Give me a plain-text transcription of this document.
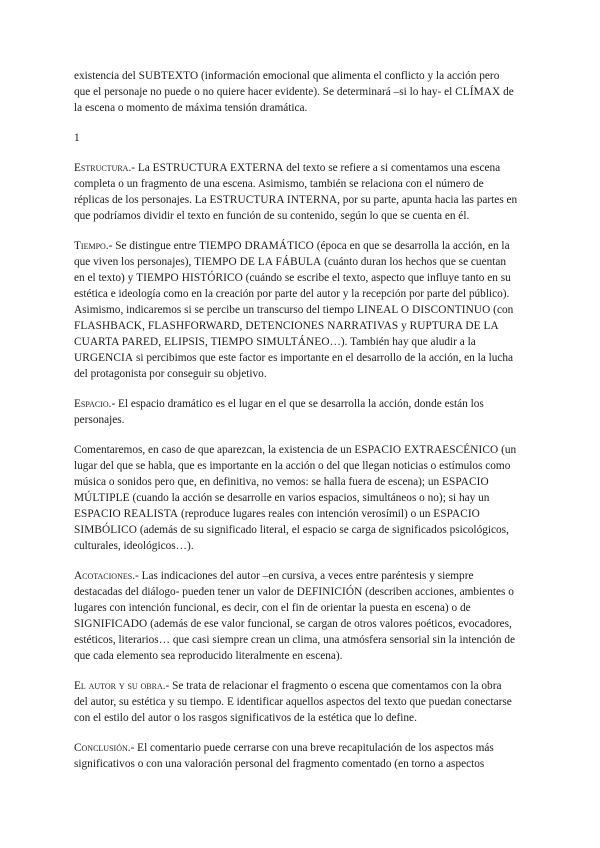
existencia del SUBTEXTO (información emocional que alimenta el conflicto y la acción pero que el personaje no puede o no quiere hacer evidente). Se determinará –si lo hay- el CLÍMAX de la escena o momento de máxima tensión dramática.

1

Estructura.- La ESTRUCTURA EXTERNA del texto se refiere a si comentamos una escena completa o un fragmento de una escena. Asimismo, también se relaciona con el número de réplicas de los personajes. La ESTRUCTURA INTERNA, por su parte, apunta hacia las partes en que podríamos dividir el texto en función de su contenido, según lo que se cuenta en él.

Tiempo.- Se distingue entre TIEMPO DRAMÁTICO (época en que se desarrolla la acción, en la que viven los personajes), TIEMPO DE LA FÁBULA (cuánto duran los hechos que se cuentan en el texto) y TIEMPO HISTÓRICO (cuándo se escribe el texto, aspecto que influye tanto en su estética e ideología como en la creación por parte del autor y la recepción por parte del público). Asimismo, indicaremos si se percibe un transcurso del tiempo LINEAL O DISCONTINUO (con FLASHBACK, FLASHFORWARD, DETENCIONES NARRATIVAS y RUPTURA DE LA CUARTA PARED, ELIPSIS, TIEMPO SIMULTÁNEO…). También hay que aludir a la URGENCIA si percibimos que este factor es importante en el desarrollo de la acción, en la lucha del protagonista por conseguir su objetivo.

Espacio.- El espacio dramático es el lugar en el que se desarrolla la acción, donde están los personajes.

Comentaremos, en caso de que aparezcan, la existencia de un ESPACIO EXTRAESCÉNICO (un lugar del que se habla, que es importante en la acción o del que llegan noticias o estímulos como música o sonidos pero que, en definitiva, no vemos: se halla fuera de escena); un ESPACIO MÚLTIPLE (cuando la acción se desarrolle en varios espacios, simultáneos o no); si hay un ESPACIO REALISTA (reproduce lugares reales con intención verosímil) o un ESPACIO SIMBÓLICO (además de su significado literal, el espacio se carga de significados psicológicos, culturales, ideológicos…).

Acotaciones.- Las indicaciones del autor –en cursiva, a veces entre paréntesis y siempre destacadas del diálogo- pueden tener un valor de DEFINICIÓN (describen acciones, ambientes o lugares con intención funcional, es decir, con el fin de orientar la puesta en escena) o de SIGNIFICADO (además de ese valor funcional, se cargan de otros valores poéticos, evocadores, estéticos, literarios… que casi siempre crean un clima, una atmósfera sensorial sin la intención de que cada elemento sea reproducido literalmente en escena).

El autor y su obra.- Se trata de relacionar el fragmento o escena que comentamos con la obra del autor, su estética y su tiempo. E identificar aquellos aspectos del texto que puedan conectarse con el estilo del autor o los rasgos significativos de la estética que lo define.

Conclusión.- El comentario puede cerrarse con una breve recapitulación de los aspectos más significativos o con una valoración personal del fragmento comentado (en torno a aspectos
